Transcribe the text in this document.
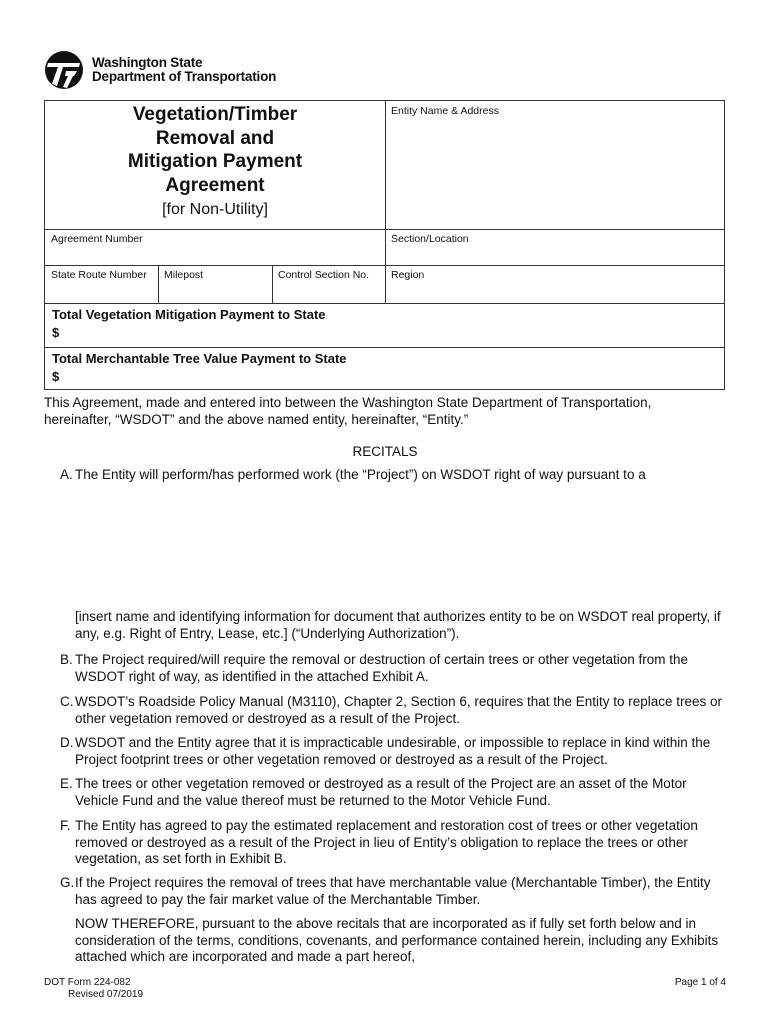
Washington State
Department of Transportation
Vegetation/Timber
Removal and
Mitigation Payment
Agreement
[for Non-Utility]
Entity Name & Address
Agreement Number	Section/Location
State Route Number	Milepost	Control Section No.	Region
Total Vegetation Mitigation Payment to State
$
Total Merchantable Tree Value Payment to State
$
This Agreement, made and entered into between the Washington State Department of Transportation,
hereinafter, “WSDOT” and the above named entity, hereinafter, “Entity.”
RECITALS
A. The Entity will perform/has performed work (the “Project”) on WSDOT right of way pursuant to a
[insert name and identifying information for document that authorizes entity to be on WSDOT real property, if any, e.g. Right of Entry, Lease, etc.] (“Underlying Authorization”).
B. The Project required/will require the removal or destruction of certain trees or other vegetation from the WSDOT right of way, as identified in the attached Exhibit A.
C. WSDOT’s Roadside Policy Manual (M3110), Chapter 2, Section 6, requires that the Entity to replace trees or other vegetation removed or destroyed as a result of the Project.
D. WSDOT and the Entity agree that it is impracticable undesirable, or impossible to replace in kind within the Project footprint trees or other vegetation removed or destroyed as a result of the Project.
E. The trees or other vegetation removed or destroyed as a result of the Project are an asset of the Motor Vehicle Fund and the value thereof must be returned to the Motor Vehicle Fund.
F. The Entity has agreed to pay the estimated replacement and restoration cost of trees or other vegetation removed or destroyed as a result of the Project in lieu of Entity’s obligation to replace the trees or other vegetation, as set forth in Exhibit B.
G. If the Project requires the removal of trees that have merchantable value (Merchantable Timber), the Entity has agreed to pay the fair market value of the Merchantable Timber.
NOW THEREFORE, pursuant to the above recitals that are incorporated as if fully set forth below and in consideration of the terms, conditions, covenants, and performance contained herein, including any Exhibits attached which are incorporated and made a part hereof,
DOT Form 224-082
Revised 07/2019
Page 1 of 4
